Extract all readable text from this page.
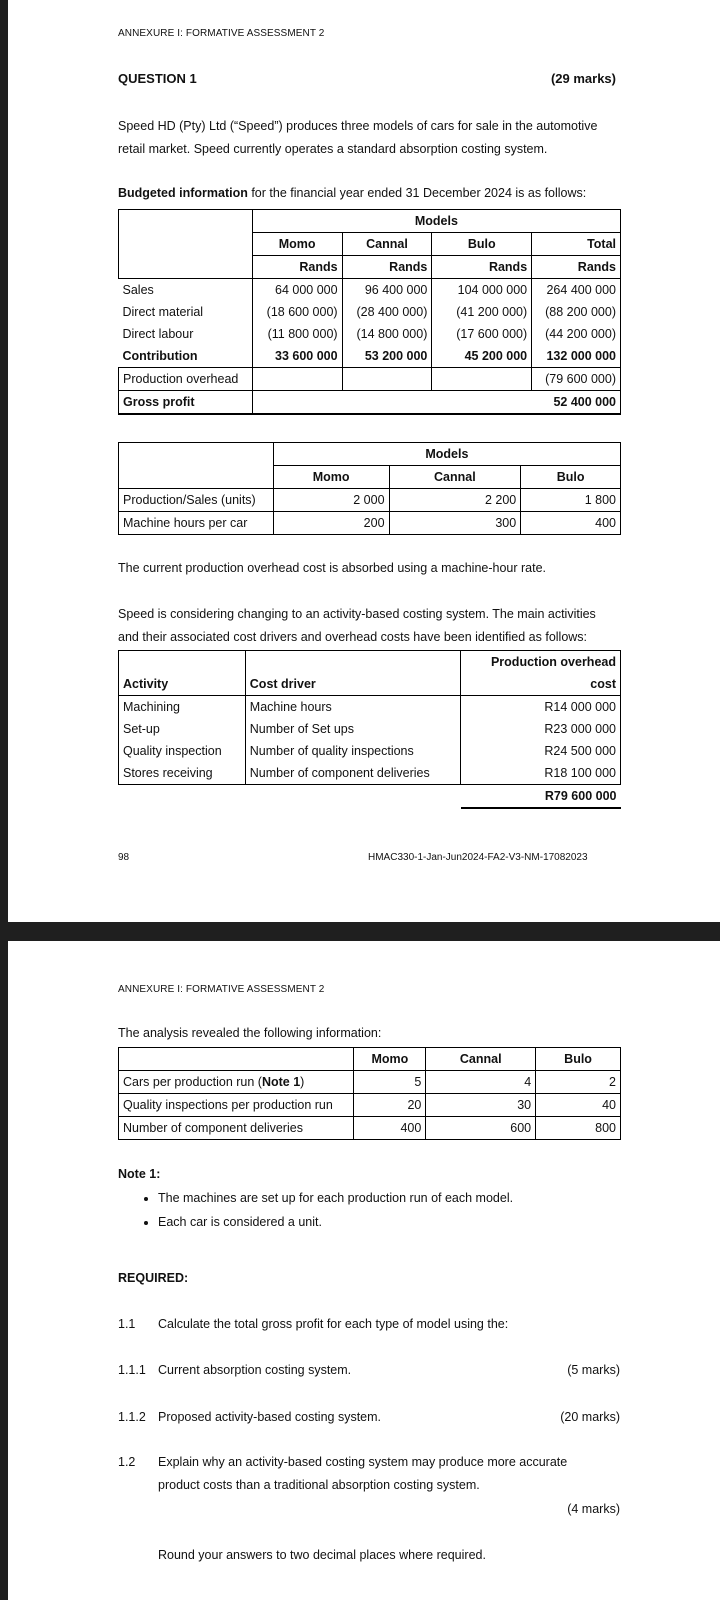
ANNEXURE I: FORMATIVE ASSESSMENT 2
QUESTION 1	(29 marks)
Speed HD (Pty) Ltd (“Speed”) produces three models of cars for sale in the automotive
retail market. Speed currently operates a standard absorption costing system.
Budgeted information for the financial year ended 31 December 2024 is as follows:
	Models			
	Momo	Cannal	Bulo	Total
	Rands	Rands	Rands	Rands
Sales	64 000 000	96 400 000	104 000 000	264 400 000
Direct material	(18 600 000)	(28 400 000)	(41 200 000)	(88 200 000)
Direct labour	(11 800 000)	(14 800 000)	(17 600 000)	(44 200 000)
Contribution	33 600 000	53 200 000	45 200 000	132 000 000
Production overhead				(79 600 000)
Gross profit				52 400 000
	Models		
	Momo	Cannal	Bulo
Production/Sales (units)	2 000	2 200	1 800
Machine hours per car	200	300	400
The current production overhead cost is absorbed using a machine-hour rate.
Speed is considering changing to an activity-based costing system. The main activities
and their associated cost drivers and overhead costs have been identified as follows:
		Production overhead
Activity	Cost driver	cost
Machining	Machine hours	R14 000 000
Set-up	Number of Set ups	R23 000 000
Quality inspection	Number of quality inspections	R24 500 000
Stores receiving	Number of component deliveries	R18 100 000
		R79 600 000
98	HMAC330-1-Jan-Jun2024-FA2-V3-NM-17082023
ANNEXURE I: FORMATIVE ASSESSMENT 2
The analysis revealed the following information:
	Momo	Cannal	Bulo
Cars per production run (Note 1)	5	4	2
Quality inspections per production run	20	30	40
Number of component deliveries	400	600	800
Note 1:
• The machines are set up for each production run of each model.
• Each car is considered a unit.
REQUIRED:
1.1 Calculate the total gross profit for each type of model using the:
1.1.1 Current absorption costing system.	(5 marks)
1.1.2 Proposed activity-based costing system.	(20 marks)
1.2 Explain why an activity-based costing system may produce more accurate
product costs than a traditional absorption costing system.
(4 marks)
Round your answers to two decimal places where required.
